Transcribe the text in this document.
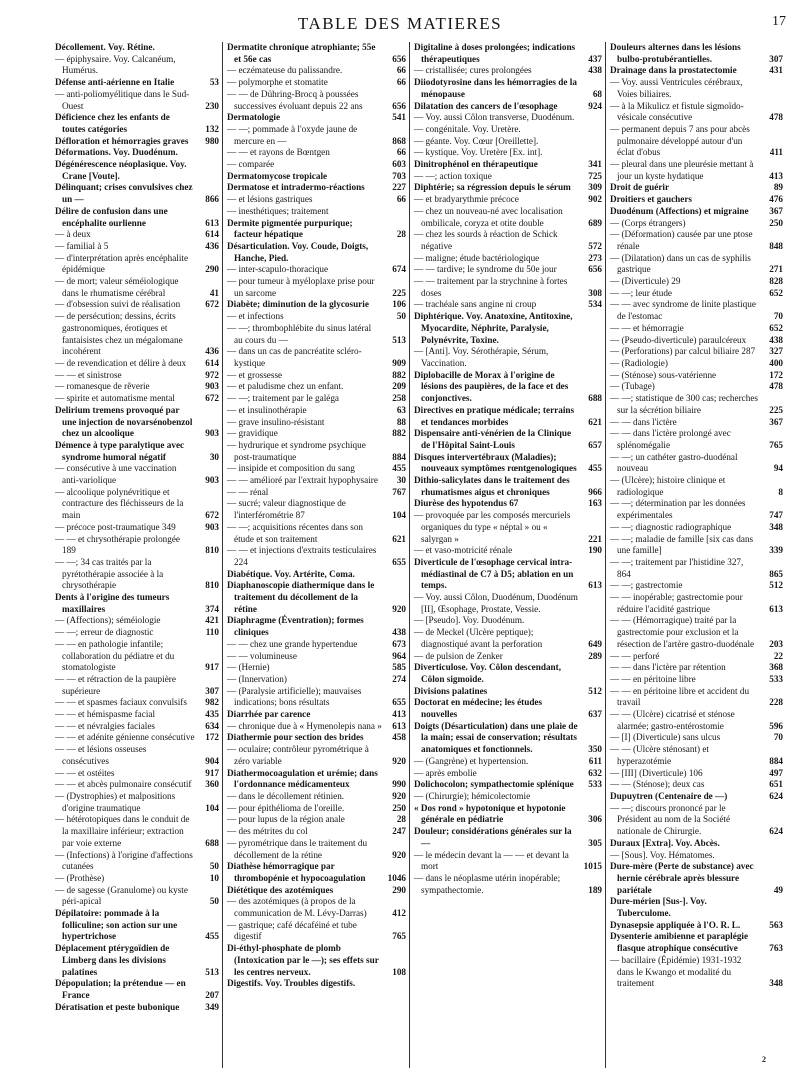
TABLE DES MATIERES	17
Décollement. Voy. Rétine.
— épiphysaire. Voy. Calcanéum, Humérus.
Défense anti-aérienne en Italie	53
— anti-poliomyélitique dans le Sud-Ouest	230
Déficience chez les enfants de toutes catégories	132
Défloration et hémorragies graves	980
Déformations. Voy. Duodénum.
Dégénérescence néoplasique. Voy. Crane [Voute].
Délinquant; crises convulsives chez un —	866
Délire de confusion dans une encéphalite ourlienne	613
— à deux	614
— familial à 5	436
— d'interprétation après encéphalite épidémique	290
— de mort; valeur séméiologique dans le rhumatisme cérébral	41
— d'obsession suivi de réalisation	672
— de persécution; dessins, écrits gastronomiques, érotiques et fantaisistes chez un mégalomane incohérent	436
— de revendication et délire à deux	614
— — et sinistrose	972
— romanesque de rêverie	903
— spirite et automatisme mental	672
Delirium tremens provoqué par une injection de novarsénobenzol chez un alcoolique	903
Démence à type paralytique avec syndrome humoral négatif	30
— consécutive à une vaccination anti-variolique	903
— alcoolique polynévritique et contracture des fléchisseurs de la main	672
— précoce post-traumatique 349	903
— — et chrysothérapie prolongée 189	810
— —; 34 cas traités par la pyrétothérapie associée à la chrysothérapie	810
Dents à l'origine des tumeurs maxillaires	374
— (Affections); séméiologie	421
— —; erreur de diagnostic	110
— — en pathologie infantile; collaboration du pédiatre et du stomatologiste	917
— — et rétraction de la paupière supérieure	307
— — et spasmes faciaux convulsifs	982
— — et hémispasme facial	435
— — et névralgies faciales	634
— — et adénite génienne consécutive	172
— — et lésions osseuses consécutives	904
— — et ostéites	917
— — et abcès pulmonaire consécutif	360
— (Dystrophies) et malpositions d'origine traumatique	104
— hétérotopiques dans le conduit de la maxillaire inférieur; extraction par voie externe	688
— (Infections) à l'origine d'affections cutanées	50
— (Prothèse)	10
— de sagesse (Granulome) ou kyste péri-apical	50
Dépilatoire: pommade à la folliculine; son action sur une hypertrichose	455
Déplacement ptérygoïdien de Limberg dans les divisions palatines	513
Dépopulation; la prétendue — en France	207
Dératisation et peste bubonique	349
Dermatite chronique atrophiante; 55e et 56e cas	656
— eczémateuse du palissandre.	66
— polymorphe et stomatite	66
— — de Dühring-Brocq à poussées successives évoluant depuis 22 ans	656
Dermatologie	541
— —; pommade à l'oxyde jaune de mercure en —	868
— — et rayons de Bœntgen	66
— comparée	603
Dermatomycose tropicale	703
Dermatose et intradermo-réactions	227
— et lésions gastriques	66
— inesthétiques; traitement
Dermite pigmentée purpurique; facteur hépatique	28
Désarticulation. Voy. Coude, Doigts, Hanche, Pied.
— inter-scapulo-thoracique	674
— pour tumeur à myéloplaxe prise pour un sarcome	225
Diabète; diminution de la glycosurie	106
— et infections	50
— —; thrombophlébite du sinus latéral au cours du —	513
— dans un cas de pancréatite scléro-kystique	909
— et grossesse	882
— et paludisme chez un enfant.	209
— —; traitement par le galéga	258
— et insulinothérapie	63
— grave insulino-résistant	88
— gravidique	882
— hydrurique et syndrome psychique post-traumatique	884
— insipide et composition du sang	455
— — amélioré par l'extrait hypophysaire	30
— — rénal	767
— sucré; valeur diagnostique de l'interférométrie 87	104
— —; acquisitions récentes dans son étude et son traitement	621
— — et injections d'extraits testiculaires 224	655
Diabétique. Voy. Artérite, Coma.
Diaphanoscopie diathermique dans le traitement du décollement de la rétine	920
Diaphragme (Éventration); formes cliniques	438
— — chez une grande hypertendue	673
— — volumineuse	964
— (Hernie)	585
— (Innervation)	274
— (Paralysie artificielle); mauvaises indications; bons résultats	655
Diarrhée par carence	413
— chronique due à « Hymenolepis nana »	613
Diathermie pour section des brides	458
— oculaire; contrôleur pyrométrique à zéro variable	920
Diathermocoagulation et urémie; dans l'ordonnance médicamenteux	990
— dans le décollement rétinien.	920
— pour épithélioma de l'oreille.	250
— pour lupus de la région anale	28
— des métrites du col	247
— pyrométrique dans le traitement du décollement de la rétine	920
Diathèse hémorragique par thrombopénie et hypocoagulation	1046
Diététique des azotémiques	290
— des azotémiques (à propos de la communication de M. Lévy-Darras)	412
— gastrique; café décaféiné et tube digestif	765
Di-éthyl-phosphate de plomb (Intoxication par le —); ses effets sur les centres nerveux.	108
Digestifs. Voy. Troubles digestifs.
Digitaline à doses prolongées; indications thérapeutiques	437
— cristallisée; cures prolongées	438
Diiodotyrosine dans les hémorragies de la ménopause	68
Dilatation des cancers de l'œsophage	924
— Voy. aussi Côlon transverse, Duodénum.
— congénitale. Voy. Uretère.
— géante. Voy. Cœur [Oreillette].
— kystique. Voy. Uretère [Ex. int].
Dinitrophénol en thérapeutique	341
— —; action toxique	725
Diphtérie; sa régression depuis le sérum	309
— et bradyarythmie précoce	902
— chez un nouveau-né avec localisation ombilicale, coryza et otite double	689
— chez les sourds à réaction de Schick négative	572
— maligne; étude bactériologique	273
— — tardive; le syndrome du 50e jour	656
— — traitement par la strychnine à fortes doses	308
— trachéale sans angine ni croup	534
Diphtérique. Voy. Anatoxine, Antitoxine, Myocardite, Néphrite, Paralysie, Polynévrite, Toxine.
— [Anti]. Voy. Sérothérapie, Sérum, Vaccination.
Diplobacille de Morax à l'origine de lésions des paupières, de la face et des conjonctives.	688
Directives en pratique médicale; terrains et tendances morbides	621
Dispensaire anti-vénérien de la Clinique de l'Hôpital Saint-Louis	657
Disques intervertébraux (Maladies); nouveaux symptômes rœntgenologiques	455
Dithio-salicylates dans le traitement des rhumatismes aigus et chroniques	966
Diurèse des hypotendus 67	163
— provoquée par les composés mercuriels organiques du type « néptal » ou « salyrgan »	221
— et vaso-motricité rénale	190
Diverticule de l'œsophage cervical intra-médiastinal de C7 à D5; ablation en un temps.	613
— Voy. aussi Côlon, Duodénum, Duodénum [II], Œsophage, Prostate, Vessie.
— [Pseudo]. Voy. Duodénum.
— de Meckel (Ulcère peptique); diagnostiqué avant la perforation	649
— de pulsion de Zenker	289
Diverticulose. Voy. Côlon descendant, Côlon sigmoïde.
Divisions palatines	512
Doctorat en médecine; les études nouvelles	637
Doigts (Désarticulation) dans une plaie de la main; essai de conservation; résultats anatomiques et fonctionnels.	350
— (Gangrène) et hypertension.	611
— après embolie	632
Dolichocolon; sympathectomie splénique	533
— (Chirurgie); hémicolectomie
« Dos rond » hypotonique et hypotonie générale en pédiatrie	306
Douleur; considérations générales sur la —	305
— le médecin devant la — — et devant la mort	1015
— dans le néoplasme utérin inopérable; sympathectomie.	189
Douleurs alternes dans les lésions bulbo-protubérantielles.	307
Drainage dans la prostatectomie	431
— Voy. aussi Ventricules cérébraux, Voies biliaires.
— à la Mikulicz et fistule sigmoïdo-vésicale consécutive	478
— permanent depuis 7 ans pour abcès pulmonaire développé autour d'un éclat d'obus	411
— pleural dans une pleurésie mettant à jour un kyste hydatique	413
Droit de guérir	89
Droitiers et gauchers	476
Duodénum (Affections) et migraine	367
— (Corps étrangers)	250
— (Déformation) causée par une ptose rénale	848
— (Dilatation) dans un cas de syphilis gastrique	271
— (Diverticule) 29	828
— —; leur étude	652
— — avec syndrome de linite plastique de l'estomac	70
— — et hémorragie	652
— (Pseudo-diverticule) paraulcéreux	438
— (Perforations) par calcul biliaire 287	327
— (Radiologie)	400
— (Sténose) sous-vatérienne	172
— (Tubage)	478
— —; statistique de 300 cas; recherches sur la sécrétion biliaire	225
— — dans l'ictère	367
— — dans l'ictère prolongé avec splénomégalie	765
— —; un cathéter gastro-duodénal nouveau	94
— (Ulcère); histoire clinique et radiologique	8
— —; détermination par les données expérimentales	747
— —; diagnostic radiographique	348
— —; maladie de famille [six cas dans une famille]	339
— —; traitement par l'histidine 327, 864	865
— —; gastrectomie	512
— — inopérable; gastrectomie pour réduire l'acidité gastrique	613
— — (Hémorragique) traité par la gastrectomie pour exclusion et la résection de l'artère gastro-duodénale	203
— — perforé	22
— — dans l'ictère par rétention	368
— — en péritoine libre	533
— — en péritoine libre et accident du travail	228
— — (Ulcère) cicatrisé et sténose alarmée; gastro-entérostomie	596
— [I] (Diverticule) sans ulcus	70
— — (Ulcère sténosant) et hyperazotémie	884
— [III] (Diverticule) 106	497
— — (Sténose); deux cas	651
Dupuytren (Centenaire de —)	624
— —; discours prononcé par le Président au nom de la Société nationale de Chirurgie.	624
Duraux [Extra]. Voy. Abcès.
— [Sous]. Voy. Hématomes.
Dure-mère (Perte de substance) avec hernie cérébrale après blessure pariétale	49
Dure-mérien [Sus-]. Voy. Tuberculome.
Dynasepsie appliquée à l'O. R. L.	563
Dysenterie amibienne et paraplégie flasque atrophique consécutive	763
— bacillaire (Épidémie) 1931-1932 dans le Kwango et modalité du traitement	348
2
